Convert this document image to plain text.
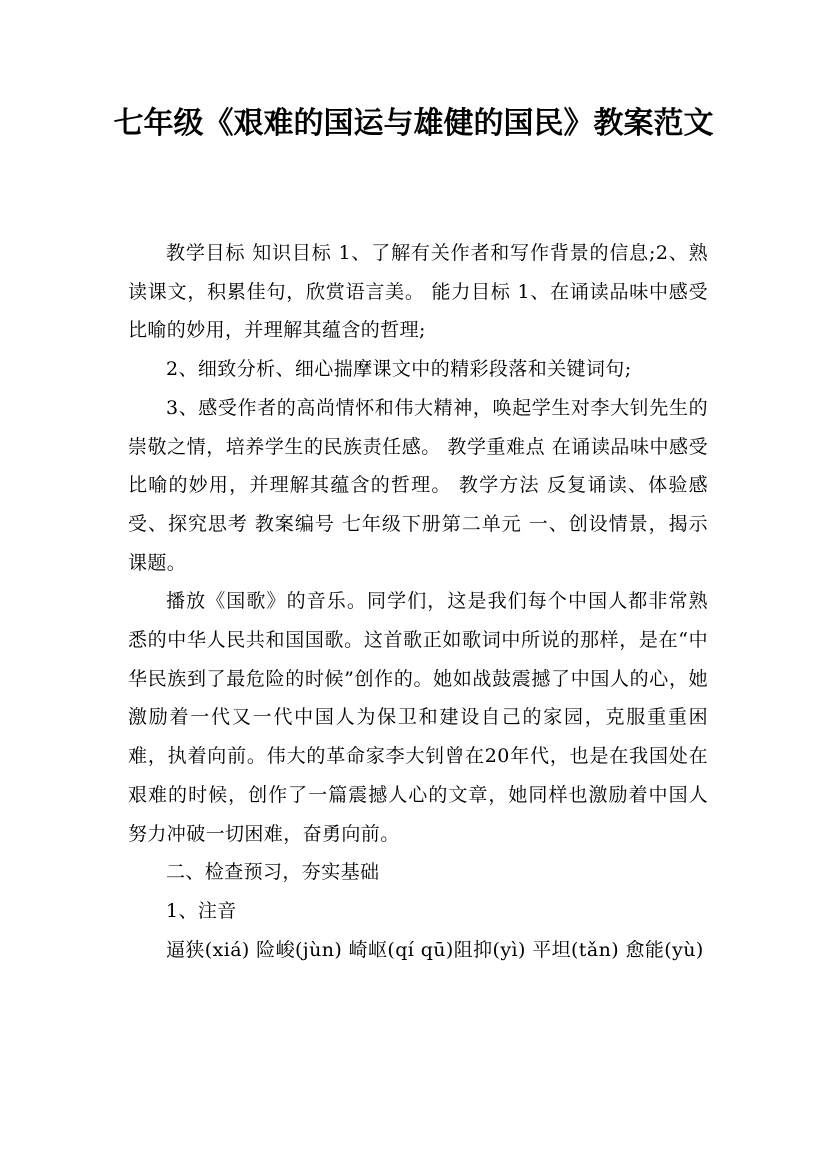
七年级《艰难的国运与雄健的国民》教案范文

教学目标 知识目标 1、了解有关作者和写作背景的信息;2、熟读课文，积累佳句，欣赏语言美。 能力目标 1、在诵读品味中感受比喻的妙用，并理解其蕴含的哲理;

2、细致分析、细心揣摩课文中的精彩段落和关键词句;

3、感受作者的高尚情怀和伟大精神，唤起学生对李大钊先生的崇敬之情，培养学生的民族责任感。 教学重难点 在诵读品味中感受比喻的妙用，并理解其蕴含的哲理。 教学方法 反复诵读、体验感受、探究思考 教案编号 七年级下册第二单元 一、创设情景，揭示课题。

播放《国歌》的音乐。同学们，这是我们每个中国人都非常熟悉的中华人民共和国国歌。这首歌正如歌词中所说的那样，是在“中华民族到了最危险的时候”创作的。她如战鼓震撼了中国人的心，她激励着一代又一代中国人为保卫和建设自己的家园，克服重重困难，执着向前。伟大的革命家李大钊曾在20年代，也是在我国处在艰难的时候，创作了一篇震撼人心的文章，她同样也激励着中国人努力冲破一切困难，奋勇向前。

二、检查预习，夯实基础

1、注音

逼狭(xiá) 险峻(jùn) 崎岖(qí qū)阻抑(yì) 平坦(tǎn) 愈能(yù)
